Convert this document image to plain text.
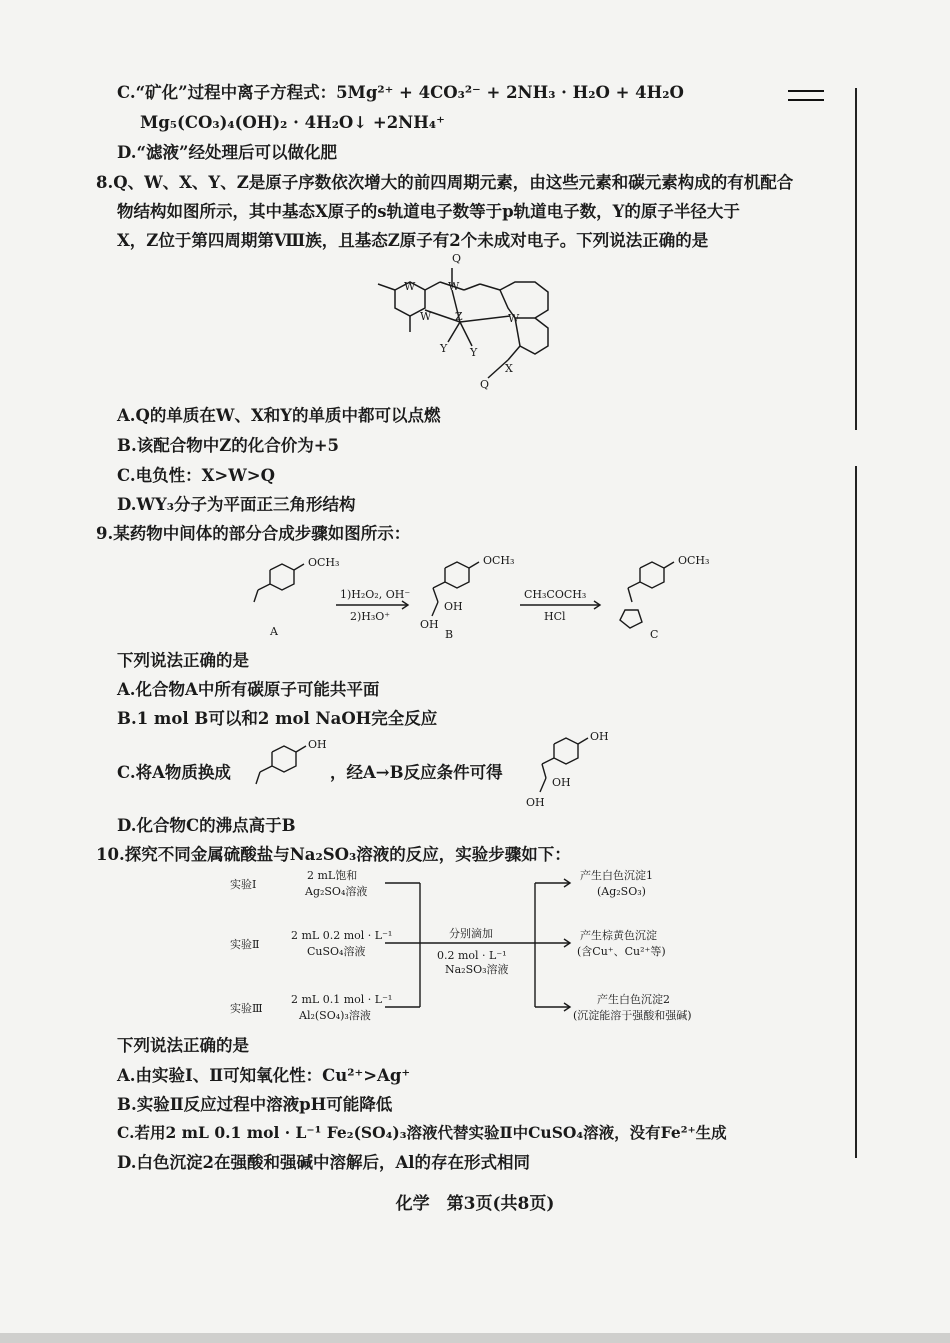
C.“矿化”过程中离子方程式：5Mg²⁺ + 4CO₃²⁻ + 2NH₃ · H₂O + 4H₂O
Mg₅(CO₃)₄(OH)₂ · 4H₂O↓ +2NH₄⁺
D.“滤液”经处理后可以做化肥
8.Q、W、X、Y、Z是原子序数依次增大的前四周期元素，由这些元素和碳元素构成的有机配合
物结构如图所示，其中基态X原子的s轨道电子数等于p轨道电子数，Y的原子半径大于
X，Z位于第四周期第Ⅷ族，且基态Z原子有2个未成对电子。下列说法正确的是
Q
W	W
W	W
Z
Y Y
X
Q
A.Q的单质在W、X和Y的单质中都可以点燃
B.该配合物中Z的化合价为+5
C.电负性：X>W>Q
D.WY₃分子为平面正三角形结构
9.某药物中间体的部分合成步骤如图所示：
OCH₃
A
1)H₂O₂, OH⁻
2)H₃O⁺
OCH₃
OH
OH
B
CH₃COCH₃
HCl
OCH₃
C
下列说法正确的是
A.化合物A中所有碳原子可能共平面
B.1 mol B可以和2 mol NaOH完全反应
C.将A物质换成
OH
，经A→B反应条件可得
OH
OH
OH
D.化合物C的沸点高于B
10.探究不同金属硫酸盐与Na₂SO₃溶液的反应，实验步骤如下：
实验Ⅰ
2 mL饱和
Ag₂SO₄溶液
实验Ⅱ
2 mL 0.2 mol · L⁻¹
CuSO₄溶液
实验Ⅲ
2 mL 0.1 mol · L⁻¹
Al₂(SO₄)₃溶液
分别滴加
0.2 mol · L⁻¹
Na₂SO₃溶液
产生白色沉淀1
(Ag₂SO₃)
产生棕黄色沉淀
(含Cu⁺、Cu²⁺等)
产生白色沉淀2
(沉淀能溶于强酸和强碱)
下列说法正确的是
A.由实验Ⅰ、Ⅱ可知氧化性：Cu²⁺>Ag⁺
B.实验Ⅱ反应过程中溶液pH可能降低
C.若用2 mL 0.1 mol · L⁻¹ Fe₂(SO₄)₃溶液代替实验Ⅱ中CuSO₄溶液，没有Fe²⁺生成
D.白色沉淀2在强酸和强碱中溶解后，Al的存在形式相同
化学　第3页(共8页)
